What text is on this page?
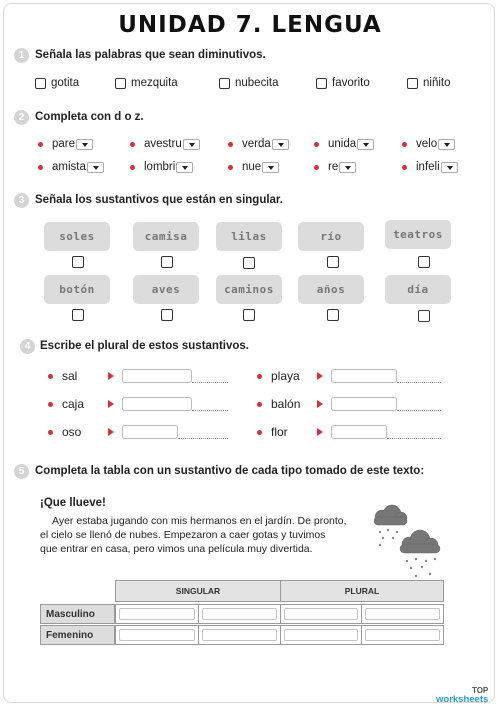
UNIDAD 7. LENGUA
1 Señala las palabras que sean diminutivos.
gotita	mezquita	nubecita	favorito	niñito
2 Completa con d o z.
pare	avestru	verda	unida	velo
amista	lombri	nue	re	infeli
3 Señala los sustantivos que están en singular.
soles	camisa	lilas	río	teatros
botón	aves	caminos	años	día
4 Escribe el plural de estos sustantivos.
sal
caja
oso
playa
balón
flor
5 Completa la tabla con un sustantivo de cada tipo tomado de este texto:
¡Que llueve!
Ayer estaba jugando con mis hermanos en el jardín. De pronto,
el cielo se llenó de nubes. Empezaron a caer gotas y tuvimos
que entrar en casa, pero vimos una película muy divertida.
SINGULAR	PLURAL
Masculino
Femenino
TOP
worksheets
